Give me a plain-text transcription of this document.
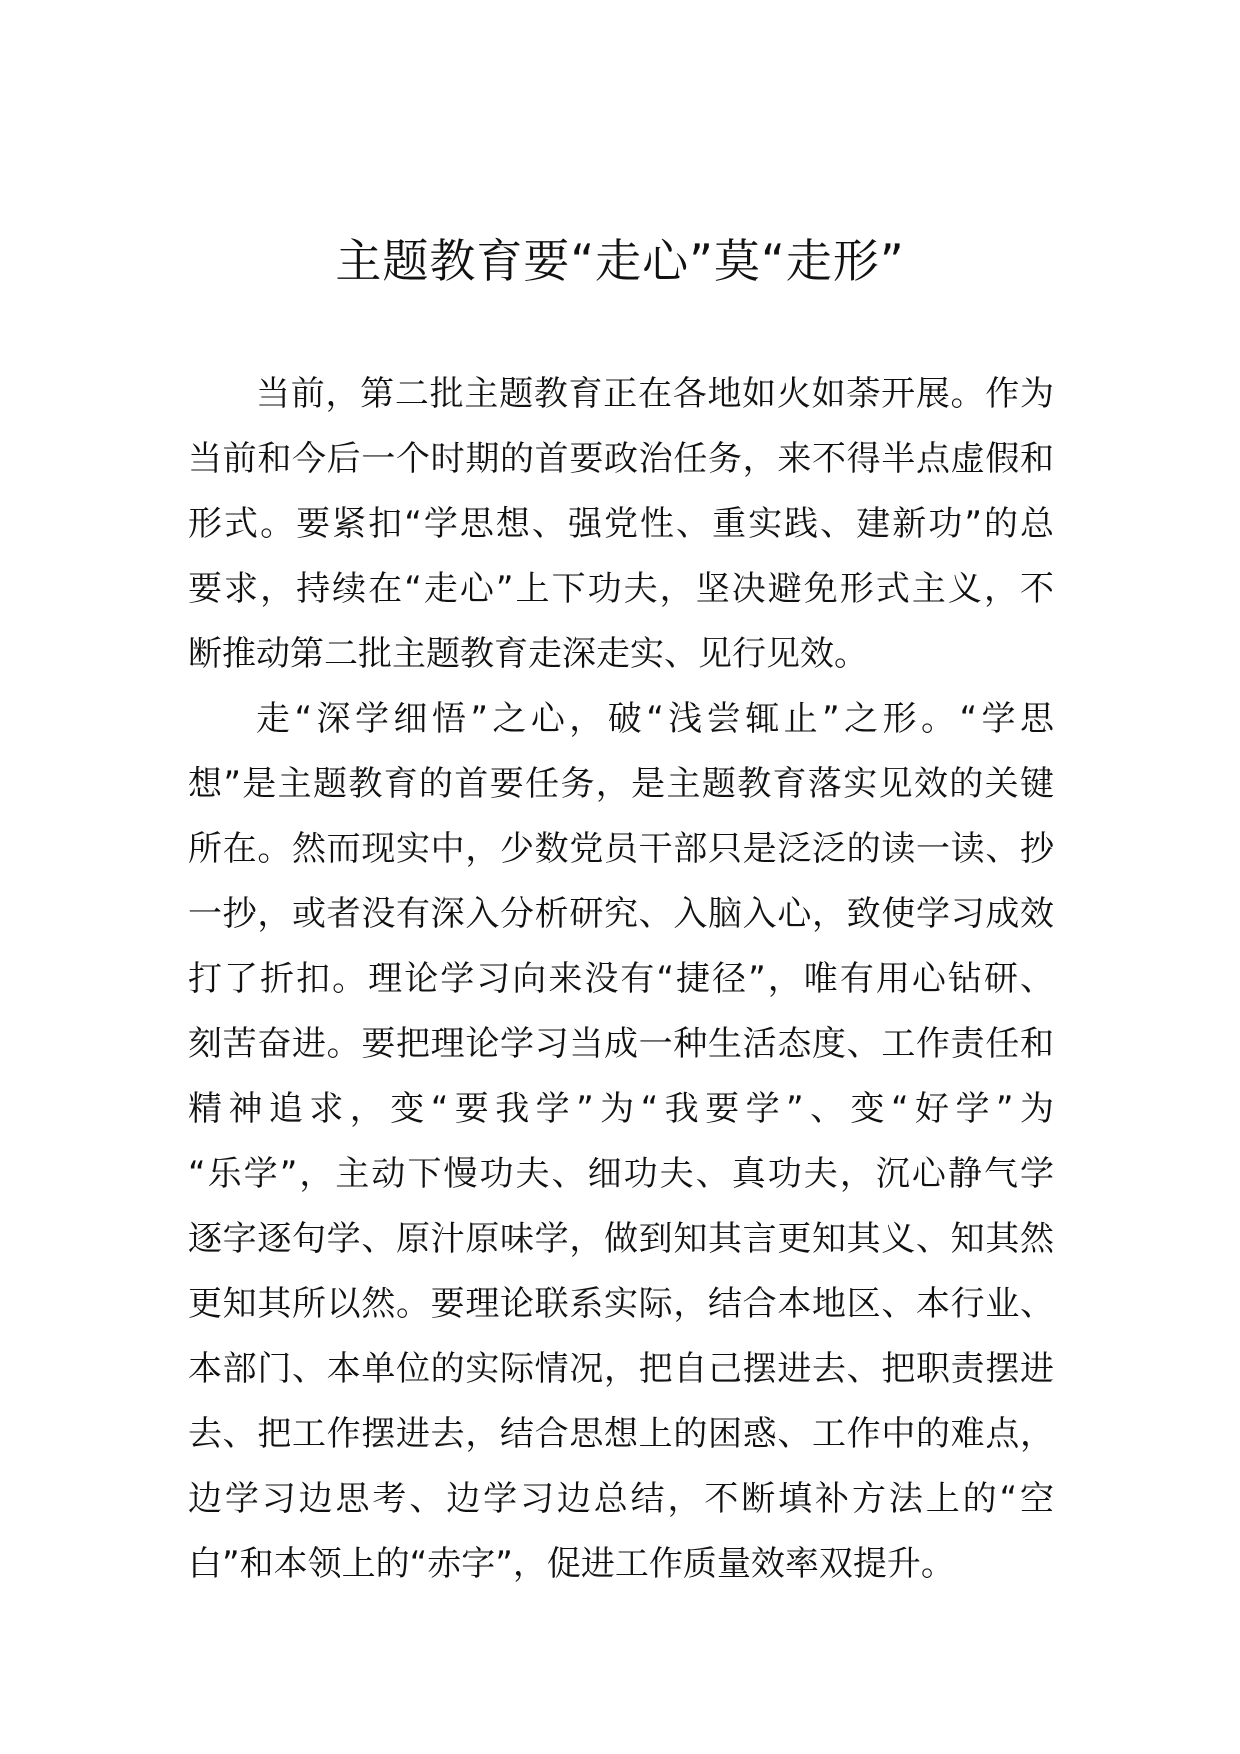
主题教育要“走心”莫“走形”
当前，第二批主题教育正在各地如火如荼开展。作为
当前和今后一个时期的首要政治任务，来不得半点虚假和
形式。要紧扣“学思想、强党性、重实践、建新功”的总
要求，持续在“走心”上下功夫，坚决避免形式主义，不
断推动第二批主题教育走深走实、见行见效。
走“深学细悟”之心，破“浅尝辄止”之形。“学思
想”是主题教育的首要任务，是主题教育落实见效的关键
所在。然而现实中，少数党员干部只是泛泛的读一读、抄
一抄，或者没有深入分析研究、入脑入心，致使学习成效
打了折扣。理论学习向来没有“捷径”，唯有用心钻研、
刻苦奋进。要把理论学习当成一种生活态度、工作责任和
精神追求，变“要我学”为“我要学”、变“好学”为
“乐学”，主动下慢功夫、细功夫、真功夫，沉心静气学
逐字逐句学、原汁原味学，做到知其言更知其义、知其然
更知其所以然。要理论联系实际，结合本地区、本行业、
本部门、本单位的实际情况，把自己摆进去、把职责摆进
去、把工作摆进去，结合思想上的困惑、工作中的难点，
边学习边思考、边学习边总结，不断填补方法上的“空
白”和本领上的“赤字”，促进工作质量效率双提升。
